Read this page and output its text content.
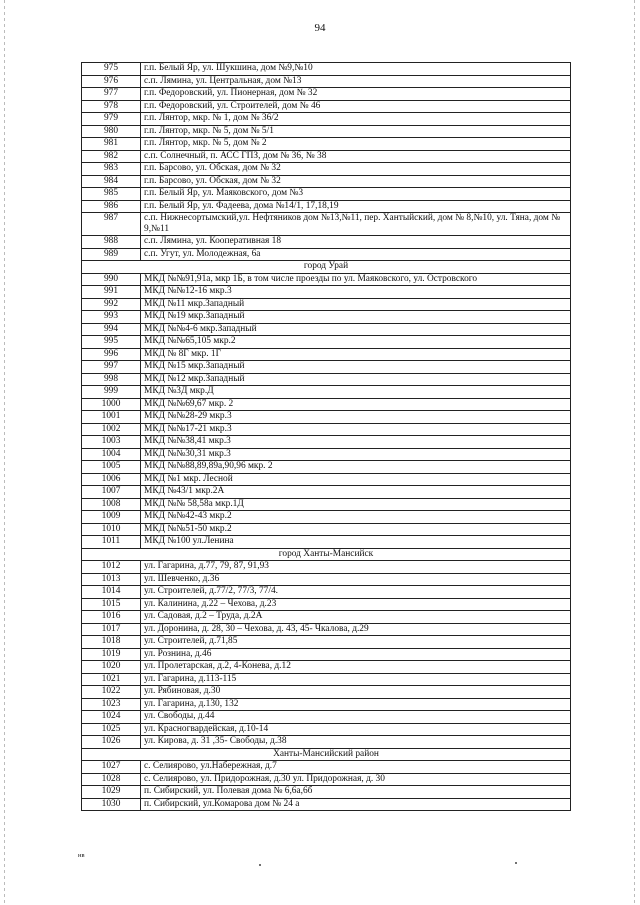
94
975	г.п. Белый Яр, ул. Шукшина, дом №9,№10
976	с.п. Лямина, ул. Центральная, дом №13
977	г.п. Федоровский, ул. Пионерная, дом № 32
978	г.п. Федоровский, ул. Строителей, дом № 46
979	г.п. Лянтор, мкр. № 1, дом № 36/2
980	г.п. Лянтор, мкр. № 5, дом № 5/1
981	г.п. Лянтор, мкр. № 5, дом № 2
982	с.п. Солнечный, п. АСС ГПЗ, дом № 36, № 38
983	г.п. Барсово, ул. Обская, дом № 32
984	г.п. Барсово, ул. Обская, дом № 32
985	г.п. Белый Яр, ул. Маяковского, дом №3
986	г.п. Белый Яр, ул. Фадеева, дома №14/1, 17,18,19
987	с.п. Нижнесортымский,ул. Нефтяников дом №13,№11, пер. Хантыйский, дом № 8,№10, ул. Тяна, дом № 9,№11
988	с.п. Лямина, ул. Кооперативная 18
989	с.п. Угут, ул. Молодежная, 6а
город Урай	
990	МКД №№91,91а, мкр 1Б, в том числе проезды по ул. Маяковского, ул. Островского
991	МКД №№12-16 мкр.3
992	МКД №11 мкр.Западный
993	МКД №19 мкр.Западный
994	МКД №№4-6 мкр.Западный
995	МКД №№65,105 мкр.2
996	МКД № 8Г мкр. 1Г
997	МКД №15 мкр.Западный
998	МКД №12 мкр.Западный
999	МКД №3Д мкр.Д
1000	МКД №№69,67 мкр. 2
1001	МКД №№28-29 мкр.3
1002	МКД №№17-21 мкр.3
1003	МКД №№38,41 мкр.3
1004	МКД №№30,31 мкр.3
1005	МКД №№88,89,89а,90,96 мкр. 2
1006	МКД №1 мкр. Лесной
1007	МКД №43/1 мкр.2А
1008	МКД №№ 58,58а мкр.1Д
1009	МКД №№42-43 мкр.2
1010	МКД №№51-50 мкр.2
1011	МКД №100 ул.Ленина
город Ханты-Мансийск	
1012	ул. Гагарина, д.77, 79, 87, 91,93
1013	ул. Шевченко, д.36
1014	ул. Строителей, д.77/2, 77/3, 77/4.
1015	ул. Калинина, д.22 – Чехова, д.23
1016	ул. Садовая, д.2 – Труда, д.2А
1017	ул. Доронина, д. 28, 30 – Чехова, д. 43, 45- Чкалова, д.29
1018	ул. Строителей, д.71,85
1019	ул. Рознина, д.46
1020	ул. Пролетарская, д.2, 4-Конева, д.12
1021	ул. Гагарина, д.113-115
1022	ул. Рябиновая, д.30
1023	ул. Гагарина, д.130, 132
1024	ул. Свободы, д.44
1025	ул. Красногвардейская, д.10-14
1026	ул. Кирова, д. 31 ,35- Свободы, д.38
Ханты-Мансийский район	
1027	с. Селиярово, ул.Набережная, д.7
1028	с. Селиярово, ул. Придорожная, д.30 ул. Придорожная, д. 30
1029	п. Сибирский, ул. Полевая дома № 6,6а,6б
1030	п. Сибирский, ул.Комарова дом № 24 а
нв
